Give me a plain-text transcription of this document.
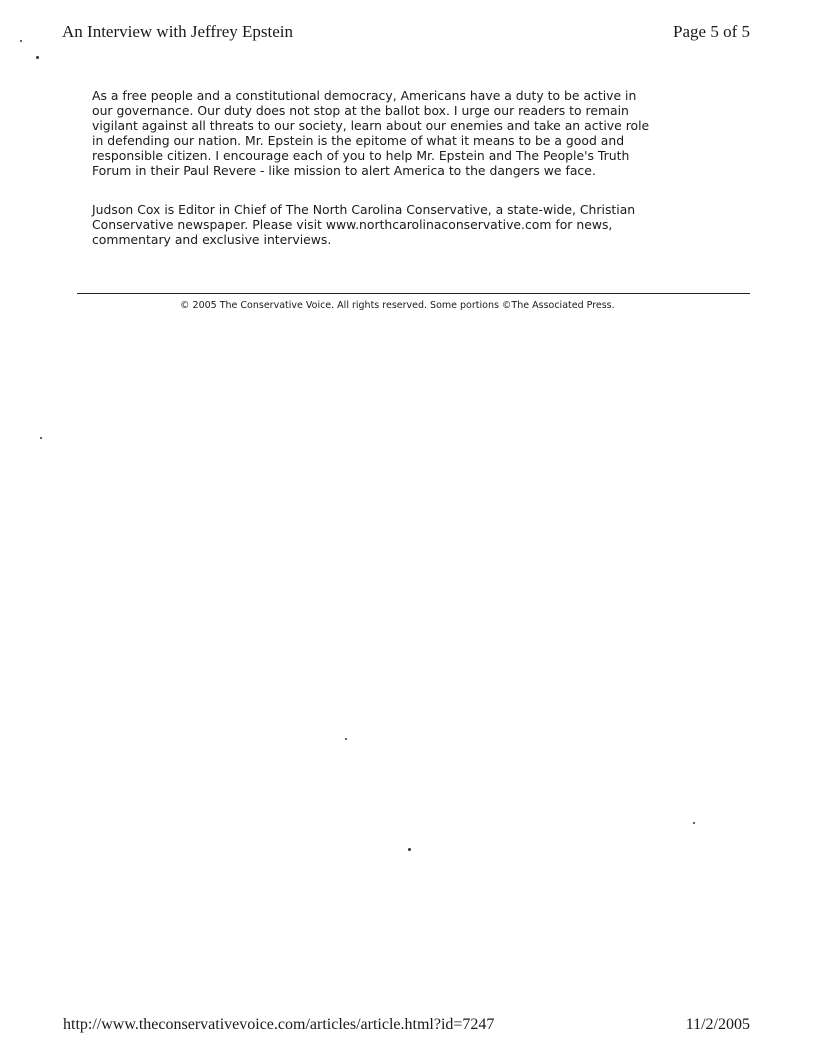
An Interview with Jeffrey Epstein	Page 5 of 5

As a free people and a constitutional democracy, Americans have a duty to be active in our governance. Our duty does not stop at the ballot box. I urge our readers to remain vigilant against all threats to our society, learn about our enemies and take an active role in defending our nation. Mr. Epstein is the epitome of what it means to be a good and responsible citizen. I encourage each of you to help Mr. Epstein and The People's Truth Forum in their Paul Revere - like mission to alert America to the dangers we face.

Judson Cox is Editor in Chief of The North Carolina Conservative, a state-wide, Christian Conservative newspaper. Please visit www.northcarolinaconservative.com for news, commentary and exclusive interviews.

© 2005 The Conservative Voice. All rights reserved. Some portions ©The Associated Press.
http://www.theconservativevoice.com/articles/article.html?id=7247	11/2/2005
